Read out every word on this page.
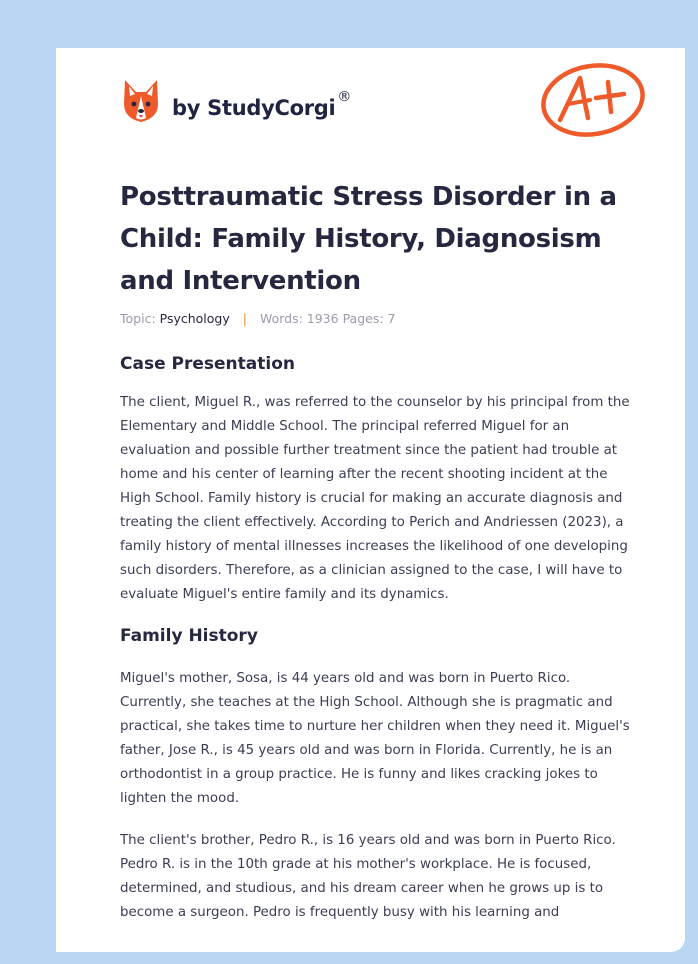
by StudyCorgi ®
Posttraumatic Stress Disorder in a Child: Family History, Diagnosism and Intervention
Topic: Psychology | Words: 1936 Pages: 7
Case Presentation

The client, Miguel R., was referred to the counselor by his principal from the Elementary and Middle School. The principal referred Miguel for an evaluation and possible further treatment since the patient had trouble at home and his center of learning after the recent shooting incident at the High School. Family history is crucial for making an accurate diagnosis and treating the client effectively. According to Perich and Andriessen (2023), a family history of mental illnesses increases the likelihood of one developing such disorders. Therefore, as a clinician assigned to the case, I will have to evaluate Miguel's entire family and its dynamics.

Family History

Miguel's mother, Sosa, is 44 years old and was born in Puerto Rico. Currently, she teaches at the High School. Although she is pragmatic and practical, she takes time to nurture her children when they need it. Miguel's father, Jose R., is 45 years old and was born in Florida. Currently, he is an orthodontist in a group practice. He is funny and likes cracking jokes to lighten the mood.

The client's brother, Pedro R., is 16 years old and was born in Puerto Rico. Pedro R. is in the 10th grade at his mother's workplace. He is focused, determined, and studious, and his dream career when he grows up is to become a surgeon. Pedro is frequently busy with his learning and
